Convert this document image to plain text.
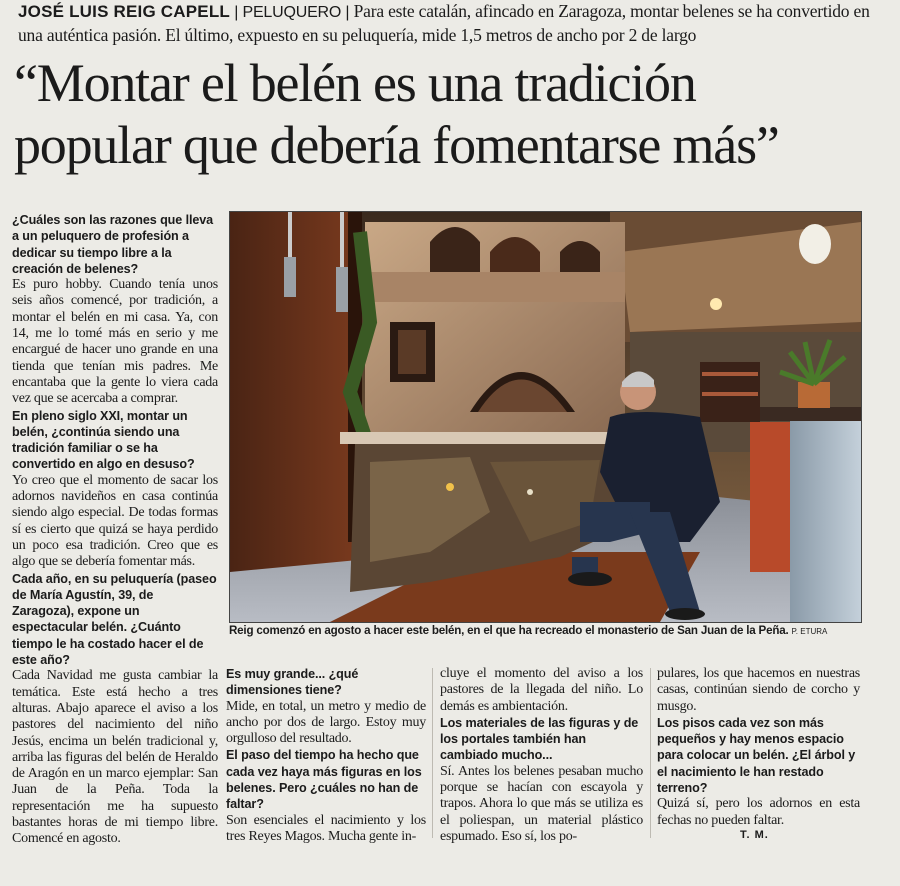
JOSÉ LUIS REIG CAPELL | PELUQUERO | Para este catalán, afincado en Zaragoza, montar belenes se ha convertido en una auténtica pasión. El último, expuesto en su peluquería, mide 1,5 metros de ancho por 2 de largo
“Montar el belén es una tradición
popular que debería fomentarse más”

¿Cuáles son las razones que lleva a un peluquero de profesión a dedicar su tiempo libre a la creación de belenes?

Es puro hobby. Cuando tenía unos seis años comencé, por tradición, a montar el belén en mi casa. Ya, con 14, me lo tomé más en serio y me encargué de hacer uno grande en una tienda que tenían mis padres. Me encantaba que la gente lo viera cada vez que se acercaba a comprar.

En pleno siglo XXI, montar un belén, ¿continúa siendo una tradición familiar o se ha convertido en algo en desuso?

Yo creo que el momento de sacar los adornos navideños en casa continúa siendo algo especial. De todas formas sí es cierto que quizá se haya perdido un poco esa tradición. Creo que es algo que se debería fomentar más.

Cada año, en su peluquería (paseo de María Agustín, 39, de Zaragoza), expone un espectacular belén. ¿Cuánto tiempo le ha costado hacer el de este año?

Cada Navidad me gusta cambiar la temática. Este está hecho a tres alturas. Abajo aparece el aviso a los pastores del nacimiento del niño Jesús, encima un belén tradicional y, arriba las figuras del belén de Heraldo de Aragón en un marco ejemplar: San Juan de la Peña. Toda la representación me ha supuesto bastantes horas de mi tiempo libre. Comencé en agosto.

Reig comenzó en agosto a hacer este belén, en el que ha recreado el monasterio de San Juan de la Peña. P. ETURA

Es muy grande... ¿qué dimensiones tiene?

Mide, en total, un metro y medio de ancho por dos de largo. Estoy muy orgulloso del resultado.

El paso del tiempo ha hecho que cada vez haya más figuras en los belenes. Pero ¿cuáles no han de faltar?

Son esenciales el nacimiento y los tres Reyes Magos. Mucha gente in-

cluye el momento del aviso a los pastores de la llegada del niño. Lo demás es ambientación.

Los materiales de las figuras y de los portales también han cambiado mucho...

Sí. Antes los belenes pesaban mucho porque se hacían con escayola y trapos. Ahora lo que más se utiliza es el poliespan, un material plástico espumado. Eso sí, los po-

pulares, los que hacemos en nuestras casas, continúan siendo de corcho y musgo.

Los pisos cada vez son más pequeños y hay menos espacio para colocar un belén. ¿El árbol y el nacimiento le han restado terreno?

Quizá sí, pero los adornos en esta fechas no pueden faltar.

T. M.
